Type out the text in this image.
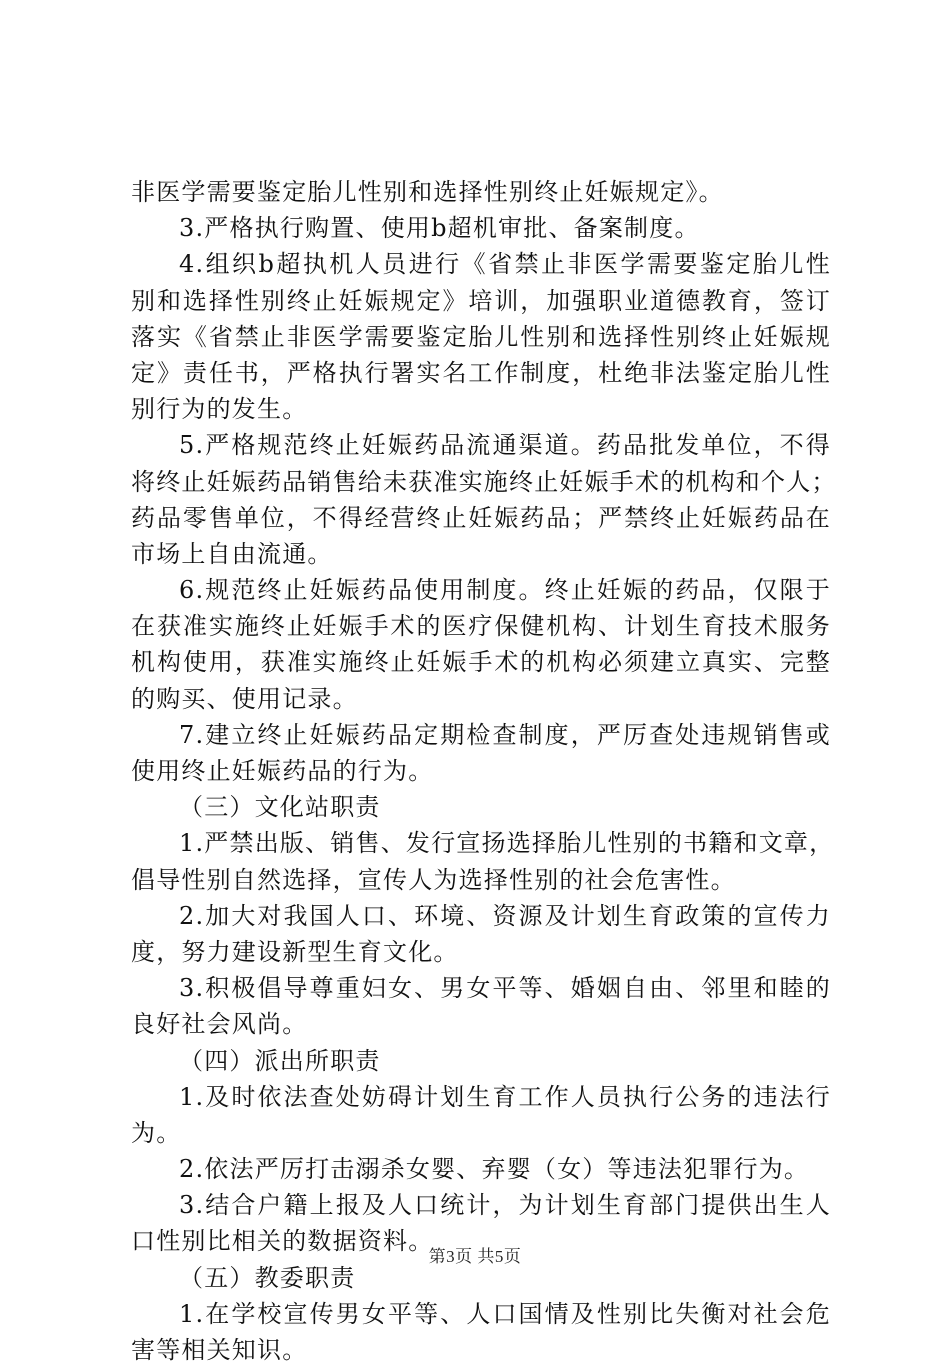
非医学需要鉴定胎儿性别和选择性别终止妊娠规定》。
3.严格执行购置、使用b超机审批、备案制度。
4.组织b超执机人员进行《省禁止非医学需要鉴定胎儿性
别和选择性别终止妊娠规定》培训，加强职业道德教育，签订
落实《省禁止非医学需要鉴定胎儿性别和选择性别终止妊娠规
定》责任书，严格执行署实名工作制度，杜绝非法鉴定胎儿性
别行为的发生。
5.严格规范终止妊娠药品流通渠道。药品批发单位，不得
将终止妊娠药品销售给未获准实施终止妊娠手术的机构和个人；
药品零售单位，不得经营终止妊娠药品；严禁终止妊娠药品在
市场上自由流通。
6.规范终止妊娠药品使用制度。终止妊娠的药品，仅限于
在获准实施终止妊娠手术的医疗保健机构、计划生育技术服务
机构使用，获准实施终止妊娠手术的机构必须建立真实、完整
的购买、使用记录。
7.建立终止妊娠药品定期检查制度，严厉查处违规销售或
使用终止妊娠药品的行为。
（三）文化站职责
1.严禁出版、销售、发行宣扬选择胎儿性别的书籍和文章，
倡导性别自然选择，宣传人为选择性别的社会危害性。
2.加大对我国人口、环境、资源及计划生育政策的宣传力
度，努力建设新型生育文化。
3.积极倡导尊重妇女、男女平等、婚姻自由、邻里和睦的
良好社会风尚。
（四）派出所职责
1.及时依法查处妨碍计划生育工作人员执行公务的违法行
为。
2.依法严厉打击溺杀女婴、弃婴（女）等违法犯罪行为。
3.结合户籍上报及人口统计，为计划生育部门提供出生人
口性别比相关的数据资料。
（五）教委职责
1.在学校宣传男女平等、人口国情及性别比失衡对社会危
害等相关知识。
第3页 共5页
